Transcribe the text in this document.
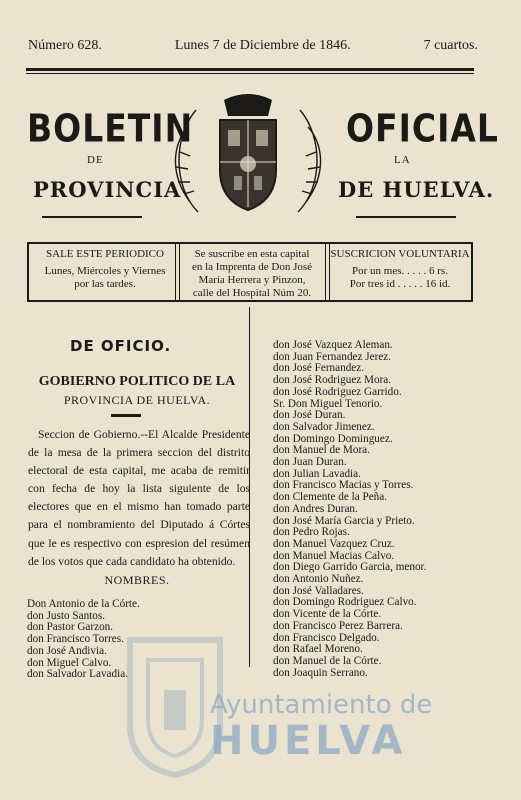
Número 628.	Lunes 7 de Diciembre de 1846.	7 cuartos.
BOLETIN	OFICIAL
DE	LA
PROVINCIA	DE HUELVA.
SALE ESTE PERIODICO
Lunes, Miércoles y Viernes
por las tardes.
Se suscribe en esta capital
en la Imprenta de Don José
María Herrera y Pinzon,
calle del Hospital Núm 20.
SUSCRICION VOLUNTARIA
Por un mes. . . . . 6 rs.
Por tres id . . . . . 16 id.
DE OFICIO.
GOBIERNO POLITICO DE LA
PROVINCIA DE HUELVA.

Seccion de Gobierno.--El Alcalde Presidente de la mesa de la primera seccion del distrito electoral de esta capital, me acaba de remitir con fecha de hoy la lista siguiente de los electores que en el mismo han tomado parte para el nombramiento del Diputado á Córtes que le es respectivo con espresion del resúmen de los votos que cada candidato ha obtenido.

NOMBRES.
Don Antonio de la Córte.
don Justo Santos.
don Pastor Garzon.
don Francisco Torres.
don José Andivia.
don Miguel Calvo.
don Salvador Lavadia.
don José Vazquez Aleman.
don Juan Fernandez Jerez.
don José Fernandez.
don José Rodriguez Mora.
don José Rodriguez Garrido.
Sr. Don Miguel Tenorio.
don José Duran.
don Salvador Jimenez.
don Domingo Dominguez.
don Manuel de Mora.
don Juan Duran.
don Julian Lavadia.
don Francisco Macias y Torres.
don Clemente de la Peña.
don Andres Duran.
don José María Garcia y Prieto.
don Pedro Rojas.
don Manuel Vazquez Cruz.
don Manuel Macias Calvo.
don Diego Garrido Garcia, menor.
don Antonio Nuñez.
don José Valladares.
don Domingo Rodriguez Calvo.
don Vicente de la Córte.
don Francisco Perez Barrera.
don Francisco Delgado.
don Rafael Moreno.
don Manuel de la Córte.
don Joaquin Serrano.
Ayuntamiento de
HUELVA
